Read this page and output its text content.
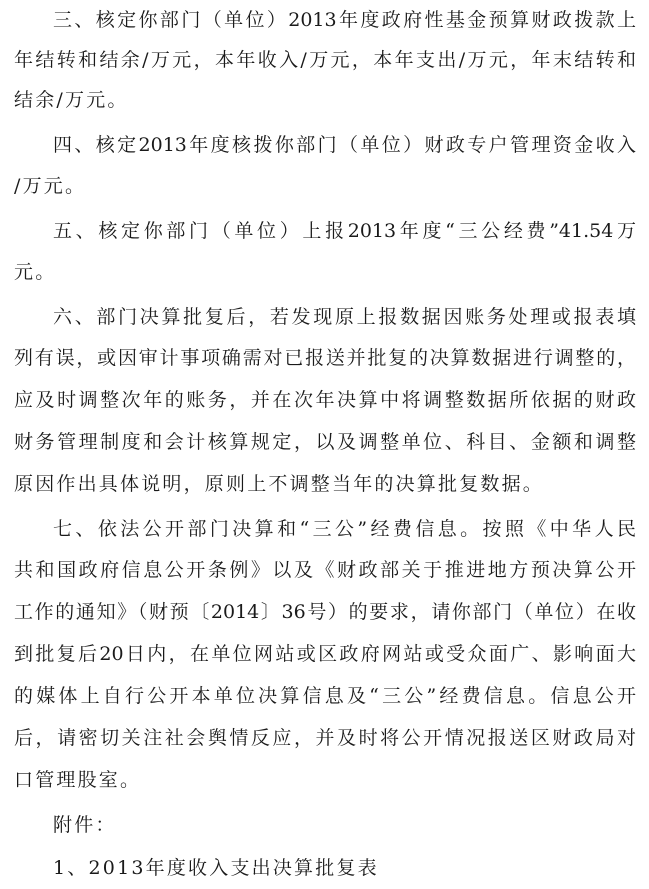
三、核定你部门（单位）2013年度政府性基金预算财政拨款上
年结转和结余/万元，本年收入/万元，本年支出/万元，年末结转和
结余/万元。
四、核定2013年度核拨你部门（单位）财政专户管理资金收入
/万元。
五、核定你部门（单位）上报2013年度“三公经费”41.54万
元。
六、部门决算批复后，若发现原上报数据因账务处理或报表填
列有误，或因审计事项确需对已报送并批复的决算数据进行调整的，
应及时调整次年的账务，并在次年决算中将调整数据所依据的财政
财务管理制度和会计核算规定，以及调整单位、科目、金额和调整
原因作出具体说明，原则上不调整当年的决算批复数据。
七、依法公开部门决算和“三公”经费信息。按照《中华人民
共和国政府信息公开条例》以及《财政部关于推进地方预决算公开
工作的通知》（财预〔2014〕36号）的要求，请你部门（单位）在收
到批复后20日内，在单位网站或区政府网站或受众面广、影响面大
的媒体上自行公开本单位决算信息及“三公”经费信息。信息公开
后，请密切关注社会舆情反应，并及时将公开情况报送区财政局对
口管理股室。
附件：
1、2013年度收入支出决算批复表
